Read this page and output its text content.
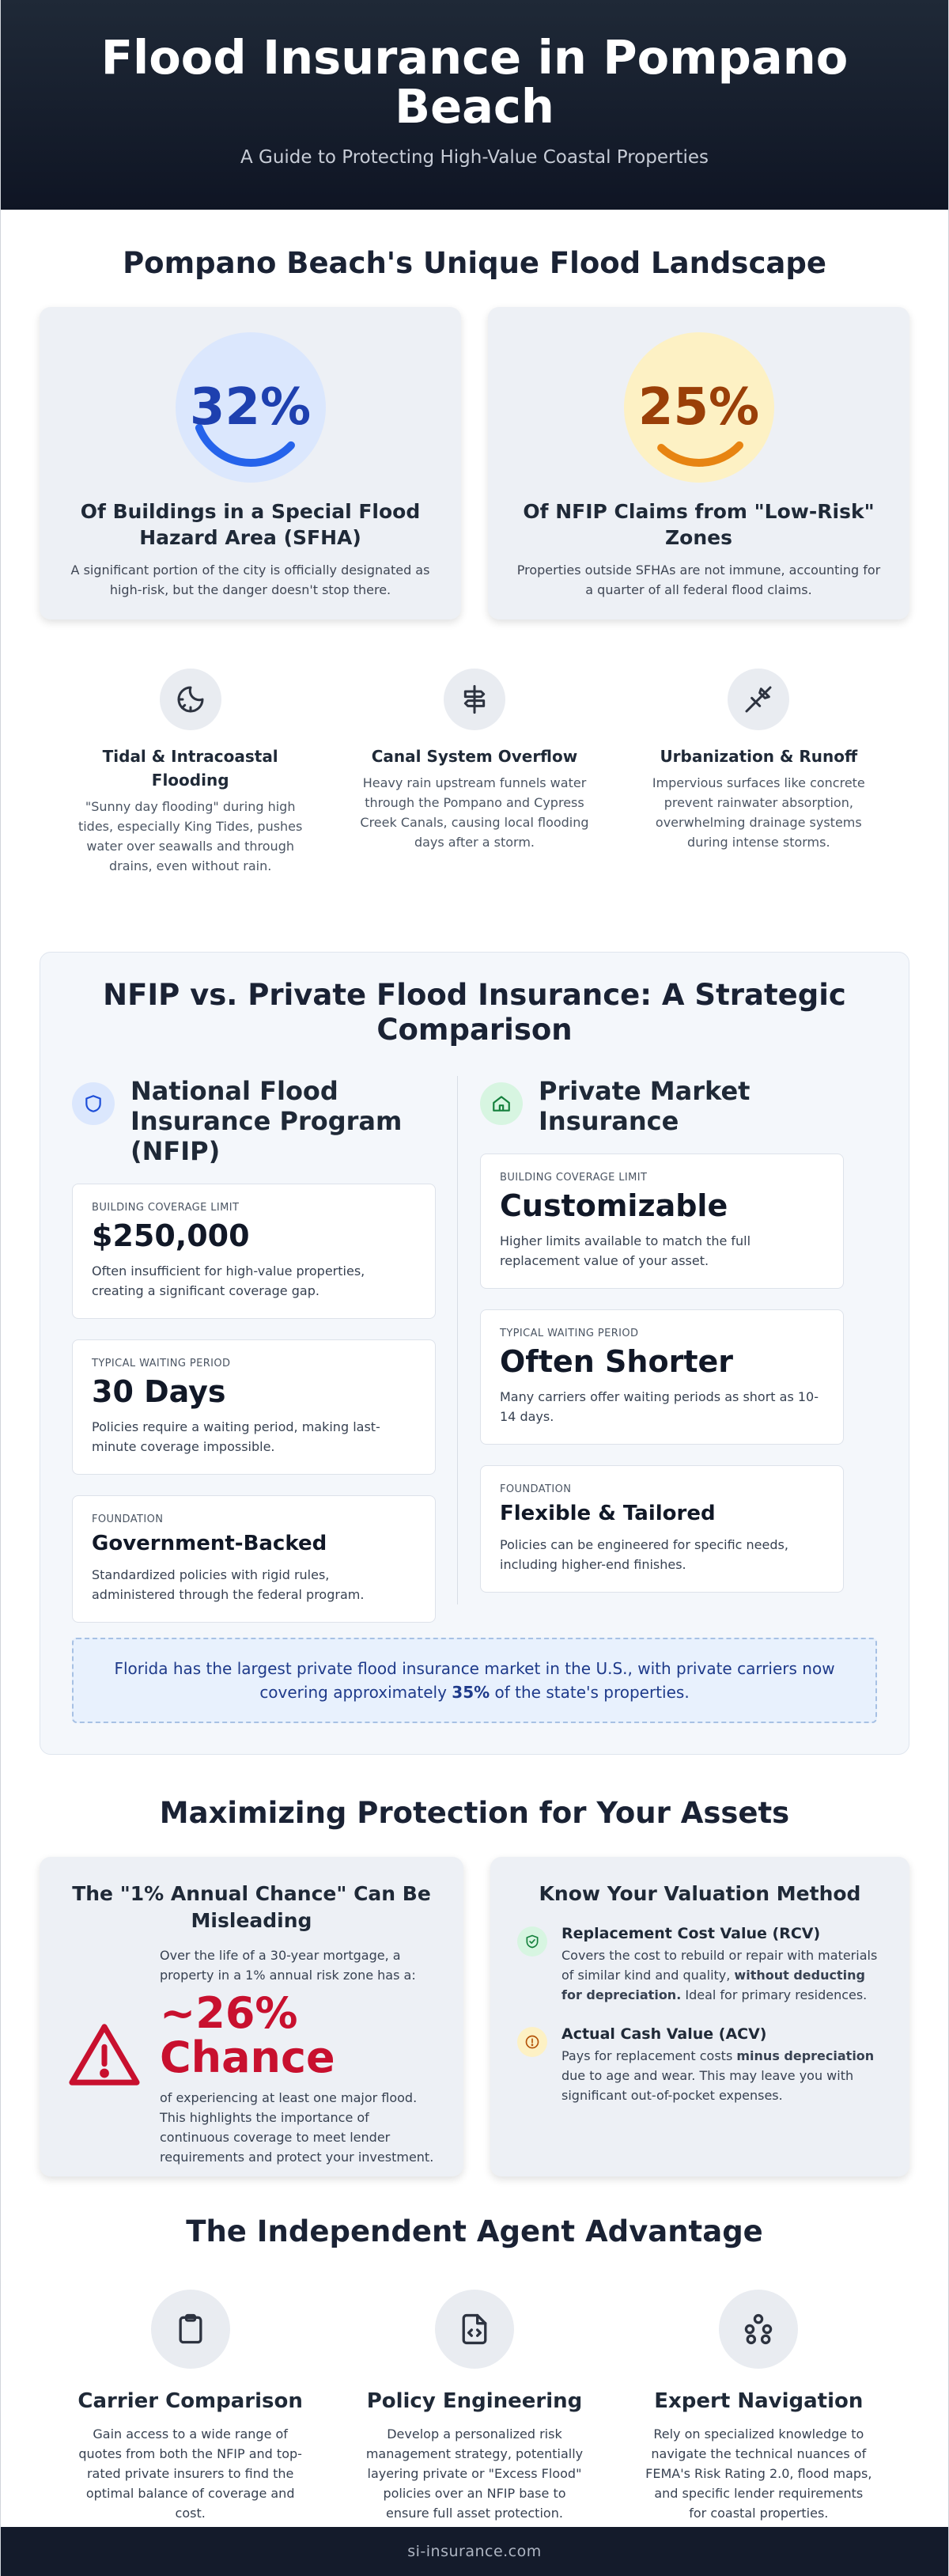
Flood Insurance in Pompano Beach
A Guide to Protecting High-Value Coastal Properties
Pompano Beach's Unique Flood Landscape
32%
Of Buildings in a Special Flood Hazard Area (SFHA)
A significant portion of the city is officially designated as high-risk, but the danger doesn't stop there.
25%
Of NFIP Claims from "Low-Risk" Zones
Properties outside SFHAs are not immune, accounting for a quarter of all federal flood claims.
Tidal & Intracoastal Flooding

"Sunny day flooding" during high tides, especially King Tides, pushes water over seawalls and through drains, even without rain.

Canal System Overflow

Heavy rain upstream funnels water through the Pompano and Cypress Creek Canals, causing local flooding days after a storm.

Urbanization & Runoff

Impervious surfaces like concrete prevent rainwater absorption, overwhelming drainage systems during intense storms.

NFIP vs. Private Flood Insurance: A Strategic Comparison
National Flood Insurance Program (NFIP)
BUILDING COVERAGE LIMIT
$250,000
Often insufficient for high-value properties, creating a significant coverage gap.
TYPICAL WAITING PERIOD
30 Days
Policies require a waiting period, making last-minute coverage impossible.
FOUNDATION
Government-Backed
Standardized policies with rigid rules, administered through the federal program.
Private Market Insurance
BUILDING COVERAGE LIMIT
Customizable
Higher limits available to match the full replacement value of your asset.
TYPICAL WAITING PERIOD
Often Shorter
Many carriers offer waiting periods as short as 10-14 days.
FOUNDATION
Flexible & Tailored
Policies can be engineered for specific needs, including higher-end finishes.

Florida has the largest private flood insurance market in the U.S., with private carriers now covering approximately 35% of the state's properties.

Maximizing Protection for Your Assets
The "1% Annual Chance" Can Be Misleading
Over the life of a 30-year mortgage, a property in a 1% annual risk zone has a:
~26% Chance
of experiencing at least one major flood. This highlights the importance of continuous coverage to meet lender requirements and protect your investment.
Know Your Valuation Method
Replacement Cost Value (RCV)

Covers the cost to rebuild or repair with materials of similar kind and quality, without deducting for depreciation. Ideal for primary residences.

Actual Cash Value (ACV)

Pays for replacement costs minus depreciation due to age and wear. This may leave you with significant out-of-pocket expenses.

The Independent Agent Advantage
Carrier Comparison

Gain access to a wide range of quotes from both the NFIP and top-rated private insurers to find the optimal balance of coverage and cost.

Policy Engineering

Develop a personalized risk management strategy, potentially layering private or "Excess Flood" policies over an NFIP base to ensure full asset protection.

Expert Navigation

Rely on specialized knowledge to navigate the technical nuances of FEMA's Risk Rating 2.0, flood maps, and specific lender requirements for coastal properties.

si-insurance.com
